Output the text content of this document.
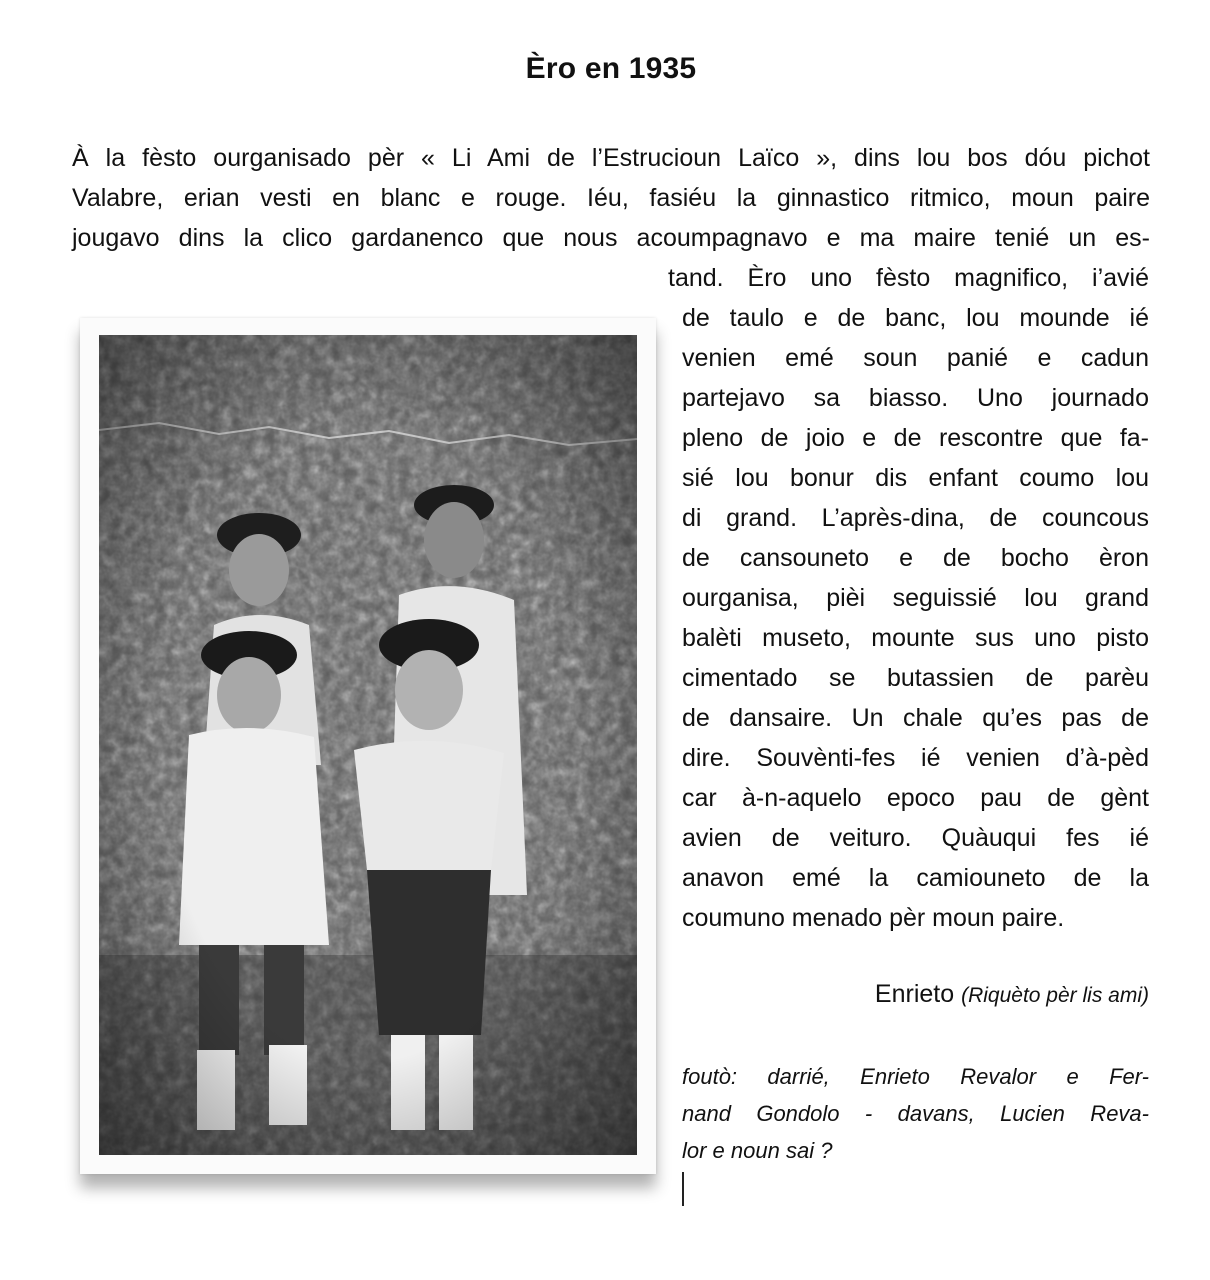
Èro en 1935
À la fèsto ourganisado pèr « Li Ami de l’Estrucioun Laïco », dins lou bos dóu pichot
Valabre, erian vesti en blanc e rouge. Iéu, fasiéu la ginnastico ritmico, moun paire
jougavo dins la clico gardanenco que nous acoumpagnavo e ma maire tenié un es-
tand. Èro uno fèsto magnifico, i’avié
de taulo e de banc, lou mounde ié
venien emé soun panié e cadun
partejavo sa biasso. Uno journado
pleno de joio e de rescontre que fa-
sié lou bonur dis enfant coumo lou
di grand. L’après-dina, de councous
de cansouneto e de bocho èron
ourganisa, pièi seguissié lou grand
balèti museto, mounte sus uno pisto
cimentado se butassien de parèu
de dansaire. Un chale qu’es pas de
dire. Souvènti-fes ié venien d’à-pèd
car à-n-aquelo epoco pau de gènt
avien de veituro. Quàuqui fes ié
anavon emé la camiouneto de la
coumuno menado pèr moun paire.
Enrieto (Riquèto pèr lis ami)
foutò: darrié, Enrieto Revalor e Fer-
nand Gondolo - davans, Lucien Reva-
lor e noun sai ?
